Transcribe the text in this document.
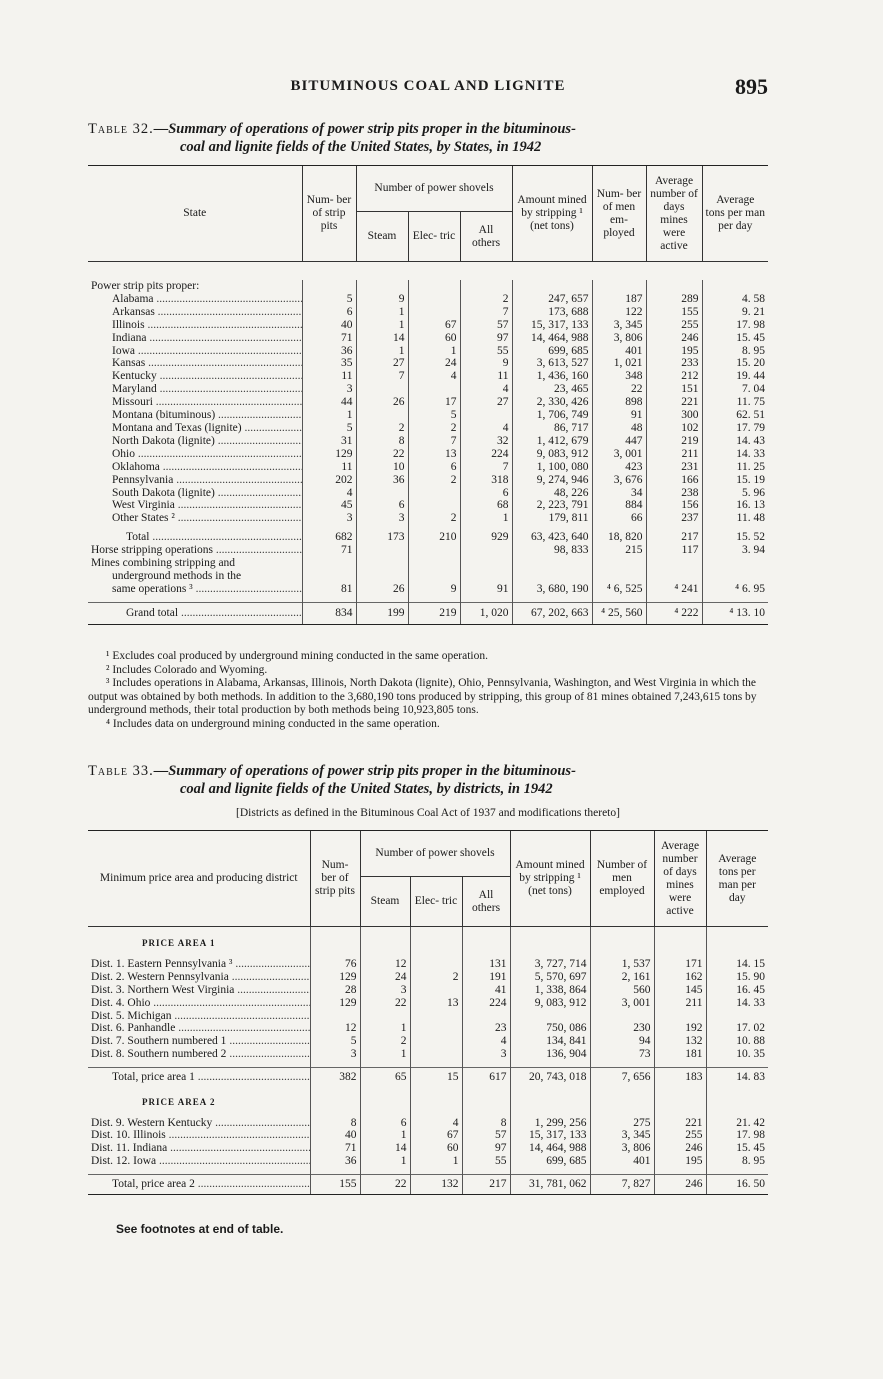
BITUMINOUS COAL AND LIGNITE	895
Table 32.—Summary of operations of power strip pits proper in the bituminous-
coal and lignite fields of the United States, by States, in 1942
State	Num- ber of strip pits	Number of power shovels			Amount mined by stripping ¹ (net tons)	Num- ber of men em- ployed	Average number of days mines were active	Average tons per man per day
		Steam	Elec- tric	All others				

Power strip pits proper:								
Alabama .....	5	9		2	247, 657	187	289	4. 58
Arkansas .....	6	1		7	173, 688	122	155	9. 21
Illinois .....	40	1	67	57	15, 317, 133	3, 345	255	17. 98
Indiana .....	71	14	60	97	14, 464, 988	3, 806	246	15. 45
Iowa .....	36	1	1	55	699, 685	401	195	8. 95
Kansas .....	35	27	24	9	3, 613, 527	1, 021	233	15. 20
Kentucky .....	11	7	4	11	1, 436, 160	348	212	19. 44
Maryland .....	3			4	23, 465	22	151	7. 04
Missouri .....	44	26	17	27	2, 330, 426	898	221	11. 75
Montana (bituminous) .....	1		5		1, 706, 749	91	300	62. 51
Montana and Texas (lignite) .....	5	2	2	4	86, 717	48	102	17. 79
North Dakota (lignite) .....	31	8	7	32	1, 412, 679	447	219	14. 43
Ohio .....	129	22	13	224	9, 083, 912	3, 001	211	14. 33
Oklahoma .....	11	10	6	7	1, 100, 080	423	231	11. 25
Pennsylvania .....	202	36	2	318	9, 274, 946	3, 676	166	15. 19
South Dakota (lignite) .....	4			6	48, 226	34	238	5. 96
West Virginia .....	45	6		68	2, 223, 791	884	156	16. 13
Other States ² .....	3	3	2	1	179, 811	66	237	11. 48

Total .....	682	173	210	929	63, 423, 640	18, 820	217	15. 52
Horse stripping operations .....	71				98, 833	215	117	3. 94
Mines combining stripping and								
underground methods in the								
same operations ³ .....	81	26	9	91	3, 680, 190	⁴ 6, 525	⁴ 241	⁴ 6. 95

Grand total .....	834	199	219	1, 020	67, 202, 663	⁴ 25, 560	⁴ 222	⁴ 13. 10

¹ Excludes coal produced by underground mining conducted in the same operation.

² Includes Colorado and Wyoming.

³ Includes operations in Alabama, Arkansas, Illinois, North Dakota (lignite), Ohio, Pennsylvania, Washington, and West Virginia in which the output was obtained by both methods. In addition to the 3,680,190 tons produced by stripping, this group of 81 mines obtained 7,243,615 tons by underground methods, their total production by both methods being 10,923,805 tons.

⁴ Includes data on underground mining conducted in the same operation.

Table 33.—Summary of operations of power strip pits proper in the bituminous-
coal and lignite fields of the United States, by districts, in 1942
[Districts as defined in the Bituminous Coal Act of 1937 and modifications thereto]
Minimum price area and producing district	Num- ber of strip pits	Number of power shovels			Amount mined by stripping ¹ (net tons)	Number of men employed	Average number of days mines were active	Average tons per man per day
		Steam	Elec- tric	All others				

PRICE AREA 1								

Dist. 1. Eastern Pennsylvania ³ .....	76	12		131	3, 727, 714	1, 537	171	14. 15
Dist. 2. Western Pennsylvania .....	129	24	2	191	5, 570, 697	2, 161	162	15. 90
Dist. 3. Northern West Virginia .....	28	3		41	1, 338, 864	560	145	16. 45
Dist. 4. Ohio .....	129	22	13	224	9, 083, 912	3, 001	211	14. 33
Dist. 5. Michigan .....								
Dist. 6. Panhandle .....	12	1		23	750, 086	230	192	17. 02
Dist. 7. Southern numbered 1 .....	5	2		4	134, 841	94	132	10. 88
Dist. 8. Southern numbered 2 .....	3	1		3	136, 904	73	181	10. 35

Total, price area 1 .....	382	65	15	617	20, 743, 018	7, 656	183	14. 83

PRICE AREA 2								

Dist. 9. Western Kentucky .....	8	6	4	8	1, 299, 256	275	221	21. 42
Dist. 10. Illinois .....	40	1	67	57	15, 317, 133	3, 345	255	17. 98
Dist. 11. Indiana .....	71	14	60	97	14, 464, 988	3, 806	246	15. 45
Dist. 12. Iowa .....	36	1	1	55	699, 685	401	195	8. 95

Total, price area 2 .....	155	22	132	217	31, 781, 062	7, 827	246	16. 50
See footnotes at end of table.
